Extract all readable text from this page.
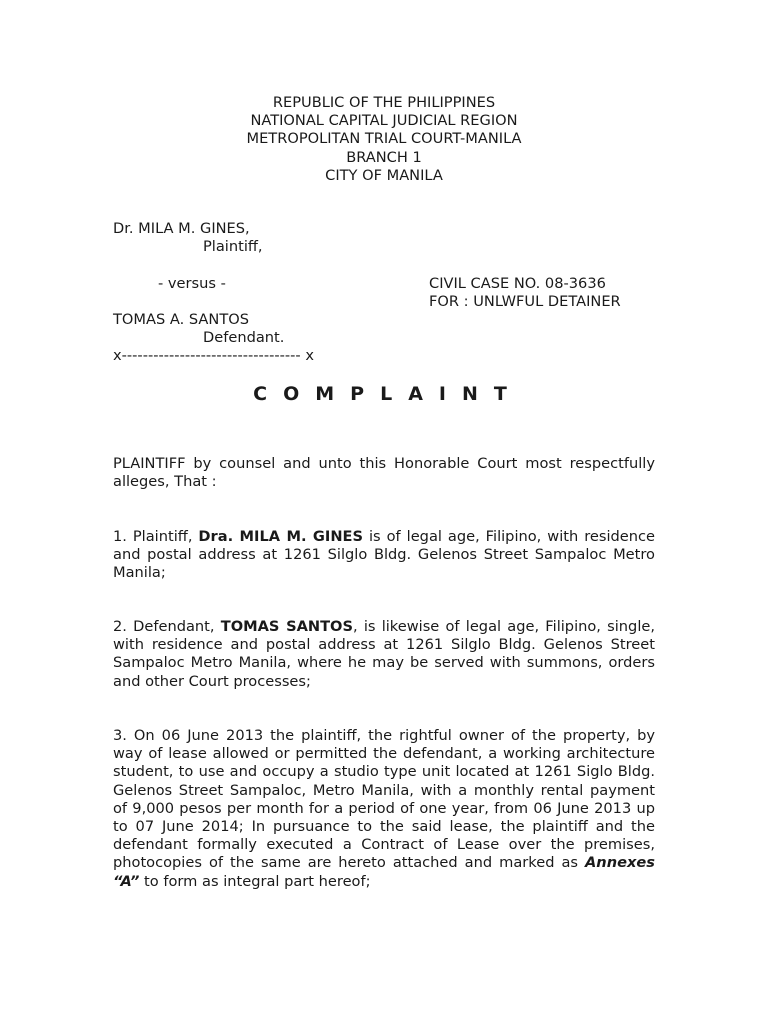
REPUBLIC OF THE PHILIPPINES
NATIONAL CAPITAL JUDICIAL REGION
METROPOLITAN TRIAL COURT-MANILA
BRANCH 1
CITY OF MANILA
Dr. MILA M. GINES,
Plaintiff,
- versus -	CIVIL CASE NO. 08-3636
FOR : UNLWFUL DETAINER
TOMAS A. SANTOS
Defendant.
x---------------------------------- x
COMPLAINT
PLAINTIFF by counsel and unto this Honorable Court most respectfully alleges, That :
1. Plaintiff, Dra. MILA M. GINES is of legal age, Filipino, with residence and postal address at 1261 Silglo Bldg. Gelenos Street Sampaloc Metro Manila;
2. Defendant, TOMAS SANTOS, is likewise of legal age, Filipino, single, with residence and postal address at 1261 Silglo Bldg. Gelenos Street Sampaloc Metro Manila, where he may be served with summons, orders and other Court processes;
3. On 06 June 2013 the plaintiff, the rightful owner of the property, by way of lease allowed or permitted the defendant, a working architecture student, to use and occupy a studio type unit located at 1261 Siglo Bldg. Gelenos Street Sampaloc, Metro Manila, with a monthly rental payment of 9,000 pesos per month for a period of one year, from 06 June 2013 up to 07 June 2014; In pursuance to the said lease, the plaintiff and the defendant formally executed a Contract of Lease over the premises, photocopies of the same are hereto attached and marked as Annexes “A” to form as integral part hereof;
